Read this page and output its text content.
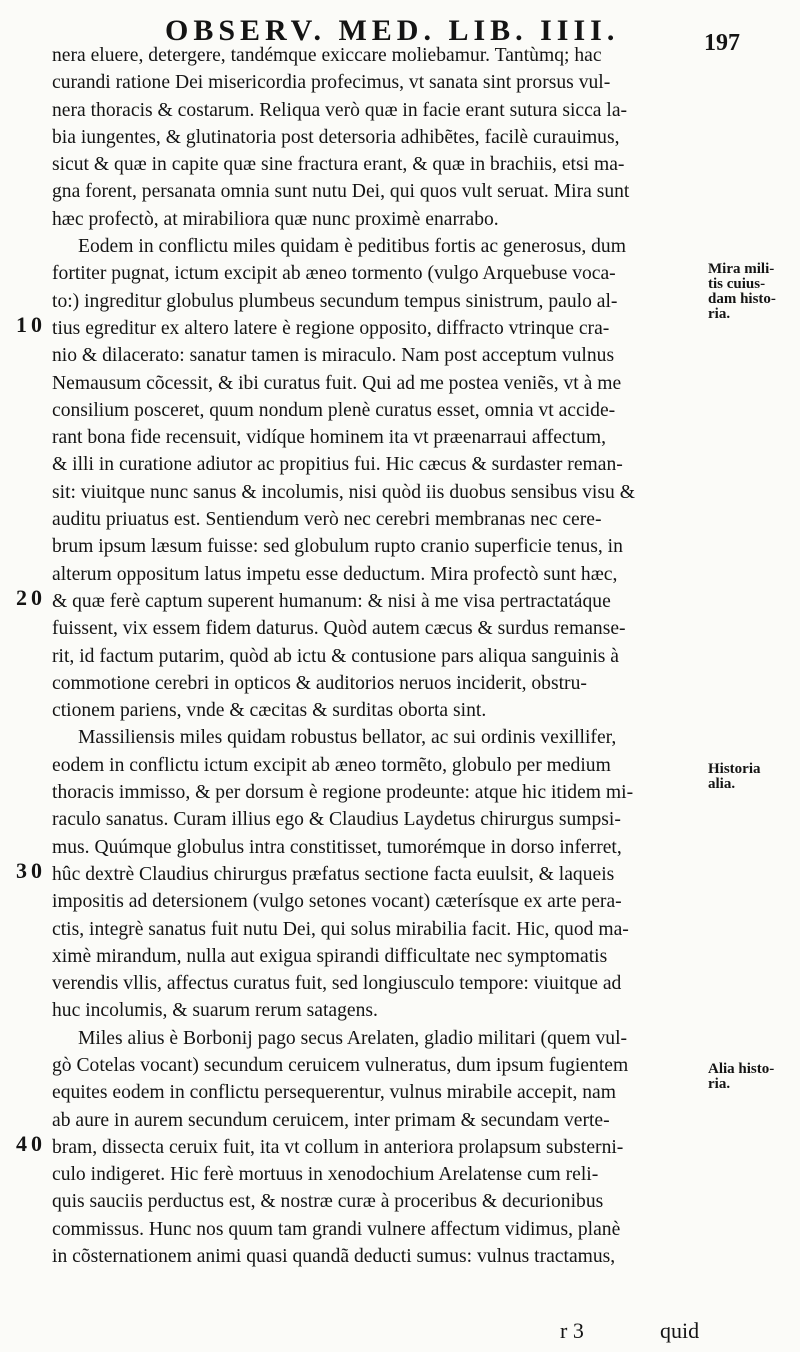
OBSERV. MED. LIB. IIII.	197

nera eluere, detergere, tandémque exiccare moliebamur. Tantùmq; hac
curandi ratione Dei misericordia profecimus, vt sanata sint prorsus vul-
nera thoracis & costarum. Reliqua verò quæ in facie erant sutura sicca la-
bia iungentes, & glutinatoria post detersoria adhibẽtes, facilè curauimus,
sicut & quæ in capite quæ sine fractura erant, & quæ in brachiis, etsi ma-
gna forent, persanata omnia sunt nutu Dei, qui quos vult seruat. Mira sunt
hæc profectò, at mirabiliora quæ nunc proximè enarrabo.
Eodem in conflictu miles quidam è peditibus fortis ac generosus, dum
fortiter pugnat, ictum excipit ab æneo tormento (vulgo Arquebuse voca-
to:) ingreditur globulus plumbeus secundum tempus sinistrum, paulo al-
tius egreditur ex altero latere è regione opposito, diffracto vtrinque cra-
nio & dilacerato: sanatur tamen is miraculo. Nam post acceptum vulnus
Nemausum cõcessit, & ibi curatus fuit. Qui ad me postea veniẽs, vt à me
consilium posceret, quum nondum plenè curatus esset, omnia vt accide-
rant bona fide recensuit, vidíque hominem ita vt præenarraui affectum,
& illi in curatione adiutor ac propitius fui. Hic cæcus & surdaster reman-
sit: viuitque nunc sanus & incolumis, nisi quòd iis duobus sensibus visu &
auditu priuatus est. Sentiendum verò nec cerebri membranas nec cere-
brum ipsum læsum fuisse: sed globulum rupto cranio superficie tenus, in
alterum oppositum latus impetu esse deductum. Mira profectò sunt hæc,
& quæ ferè captum superent humanum: & nisi à me visa pertractatáque
fuissent, vix essem fidem daturus. Quòd autem cæcus & surdus remanse-
rit, id factum putarim, quòd ab ictu & contusione pars aliqua sanguinis à
commotione cerebri in opticos & auditorios neruos inciderit, obstru-
ctionem pariens, vnde & cæcitas & surditas oborta sint.
Massiliensis miles quidam robustus bellator, ac sui ordinis vexillifer,
eodem in conflictu ictum excipit ab æneo tormẽto, globulo per medium
thoracis immisso, & per dorsum è regione prodeunte: atque hic itidem mi-
raculo sanatus. Curam illius ego & Claudius Laydetus chirurgus sumpsi-
mus. Quúmque globulus intra constitisset, tumorémque in dorso inferret,
hûc dextrè Claudius chirurgus præfatus sectione facta euulsit, & laqueis
impositis ad detersionem (vulgo setones vocant) cæterísque ex arte pera-
ctis, integrè sanatus fuit nutu Dei, qui solus mirabilia facit. Hic, quod ma-
ximè mirandum, nulla aut exigua spirandi difficultate nec symptomatis
verendis vllis, affectus curatus fuit, sed longiusculo tempore: viuitque ad
huc incolumis, & suarum rerum satagens.
Miles alius è Borbonij pago secus Arelaten, gladio militari (quem vul-
gò Cotelas vocant) secundum ceruicem vulneratus, dum ipsum fugientem
equites eodem in conflictu persequerentur, vulnus mirabile accepit, nam
ab aure in aurem secundum ceruicem, inter primam & secundam verte-
bram, dissecta ceruix fuit, ita vt collum in anteriora prolapsum substerni-
culo indigeret. Hic ferè mortuus in xenodochium Arelatense cum reli-
quis sauciis perductus est, & nostræ curæ à proceribus & decurionibus
commissus. Hunc nos quum tam grandi vulnere affectum vidimus, planè
in cõsternationem animi quasi quandã deducti sumus: vulnus tractamus,
10
20
30
40
Mira mili-
tis cuius-
dam histo-
ria.
Historia
alia.
Alia histo-
ria.
r 3	quid
